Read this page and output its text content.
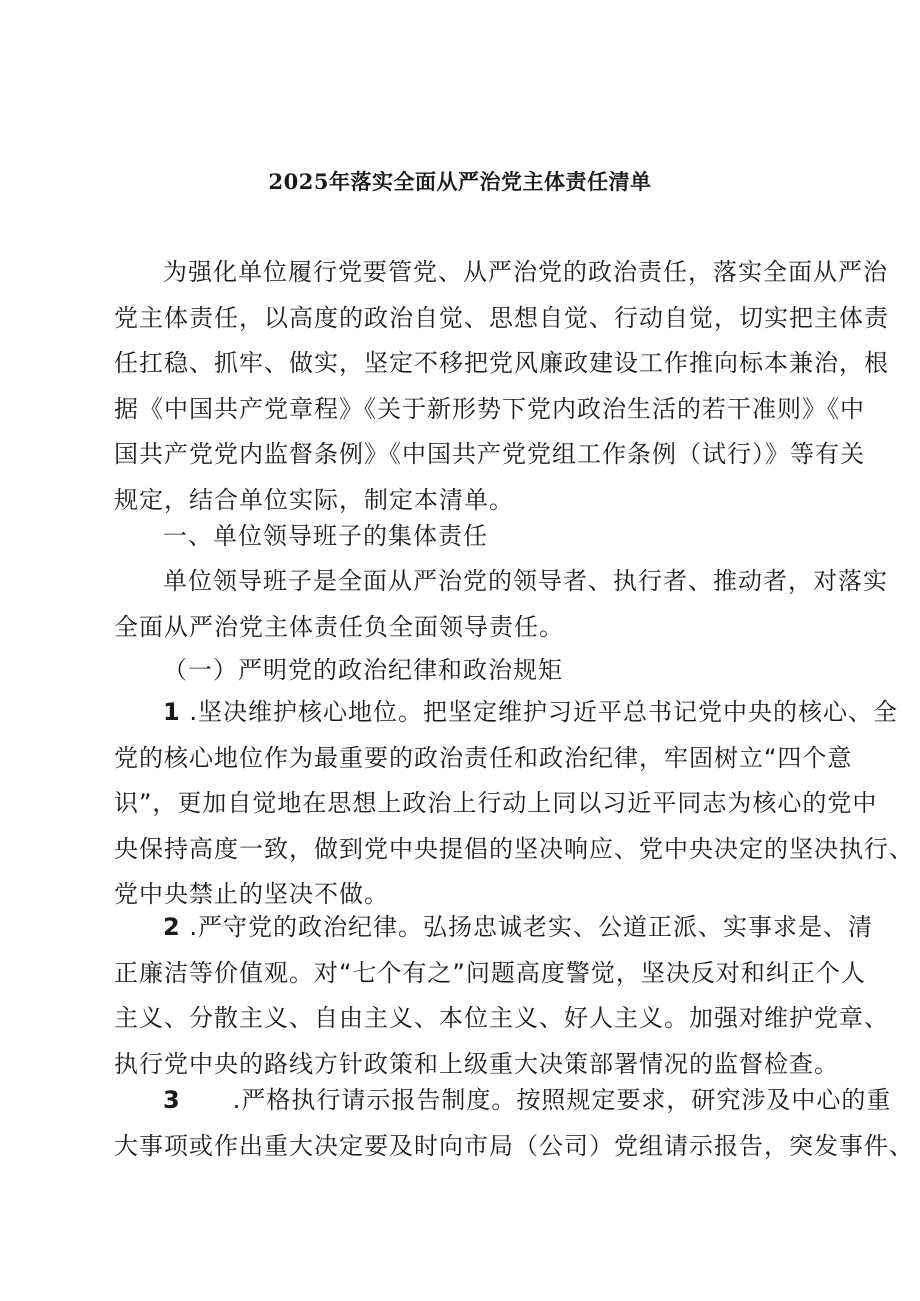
2025年落实全面从严治党主体责任清单
为强化单位履行党要管党、从严治党的政治责任，落实全面从严治
党主体责任，以高度的政治自觉、思想自觉、行动自觉，切实把主体责
任扛稳、抓牢、做实，坚定不移把党风廉政建设工作推向标本兼治，根
据《中国共产党章程》《关于新形势下党内政治生活的若干准则》《中
国共产党党内监督条例》《中国共产党党组工作条例（试行）》等有关
规定，结合单位实际，制定本清单。
一、单位领导班子的集体责任
单位领导班子是全面从严治党的领导者、执行者、推动者，对落实
全面从严治党主体责任负全面领导责任。
（一）严明党的政治纪律和政治规矩
1 .坚决维护核心地位。把坚定维护习近平总书记党中央的核心、全
党的核心地位作为最重要的政治责任和政治纪律，牢固树立“四个意
识”，更加自觉地在思想上政治上行动上同以习近平同志为核心的党中
央保持高度一致，做到党中央提倡的坚决响应、党中央决定的坚决执行、
党中央禁止的坚决不做。
2 .严守党的政治纪律。弘扬忠诚老实、公道正派、实事求是、清
正廉洁等价值观。对“七个有之”问题高度警觉，坚决反对和纠正个人
主义、分散主义、自由主义、本位主义、好人主义。加强对维护党章、
执行党中央的路线方针政策和上级重大决策部署情况的监督检查。
3 .严格执行请示报告制度。按照规定要求，研究涉及中心的重
大事项或作出重大决定要及时向市局（公司）党组请示报告，突发事件、
